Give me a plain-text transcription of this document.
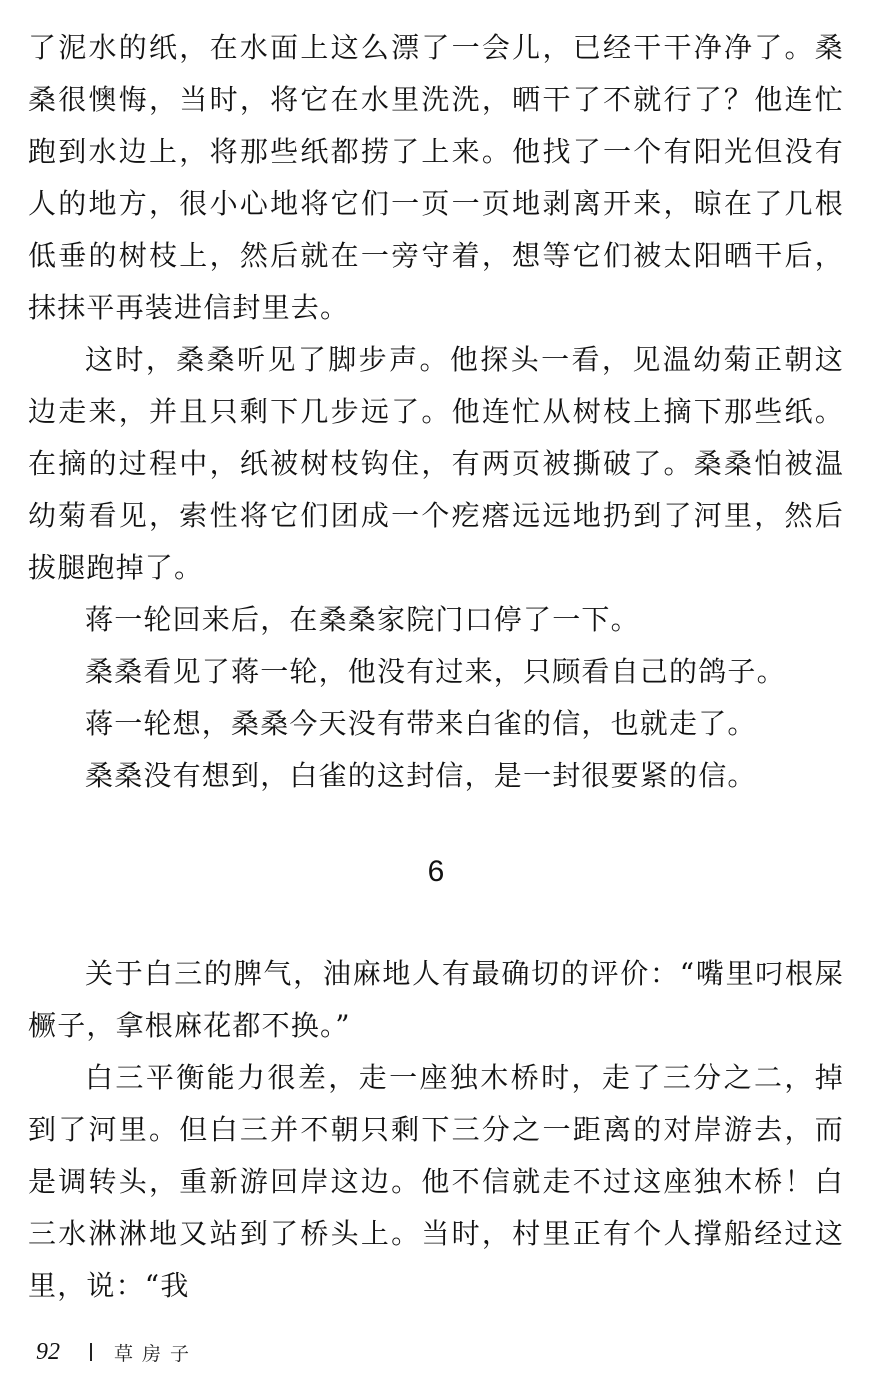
了泥水的纸，在水面上这么漂了一会儿，已经干干净净了。桑桑很懊悔，当时，将它在水里洗洗，晒干了不就行了？他连忙跑到水边上，将那些纸都捞了上来。他找了一个有阳光但没有人的地方，很小心地将它们一页一页地剥离开来，晾在了几根低垂的树枝上，然后就在一旁守着，想等它们被太阳晒干后，抹抹平再装进信封里去。

这时，桑桑听见了脚步声。他探头一看，见温幼菊正朝这边走来，并且只剩下几步远了。他连忙从树枝上摘下那些纸。在摘的过程中，纸被树枝钩住，有两页被撕破了。桑桑怕被温幼菊看见，索性将它们团成一个疙瘩远远地扔到了河里，然后拔腿跑掉了。

蒋一轮回来后，在桑桑家院门口停了一下。

桑桑看见了蒋一轮，他没有过来，只顾看自己的鸽子。

蒋一轮想，桑桑今天没有带来白雀的信，也就走了。

桑桑没有想到，白雀的这封信，是一封很要紧的信。

6

关于白三的脾气，油麻地人有最确切的评价：“嘴里叼根屎橛子，拿根麻花都不换。”

白三平衡能力很差，走一座独木桥时，走了三分之二，掉到了河里。但白三并不朝只剩下三分之一距离的对岸游去，而是调转头，重新游回岸这边。他不信就走不过这座独木桥！白三水淋淋地又站到了桥头上。当时，村里正有个人撑船经过这里，说：“我

92	草房子
